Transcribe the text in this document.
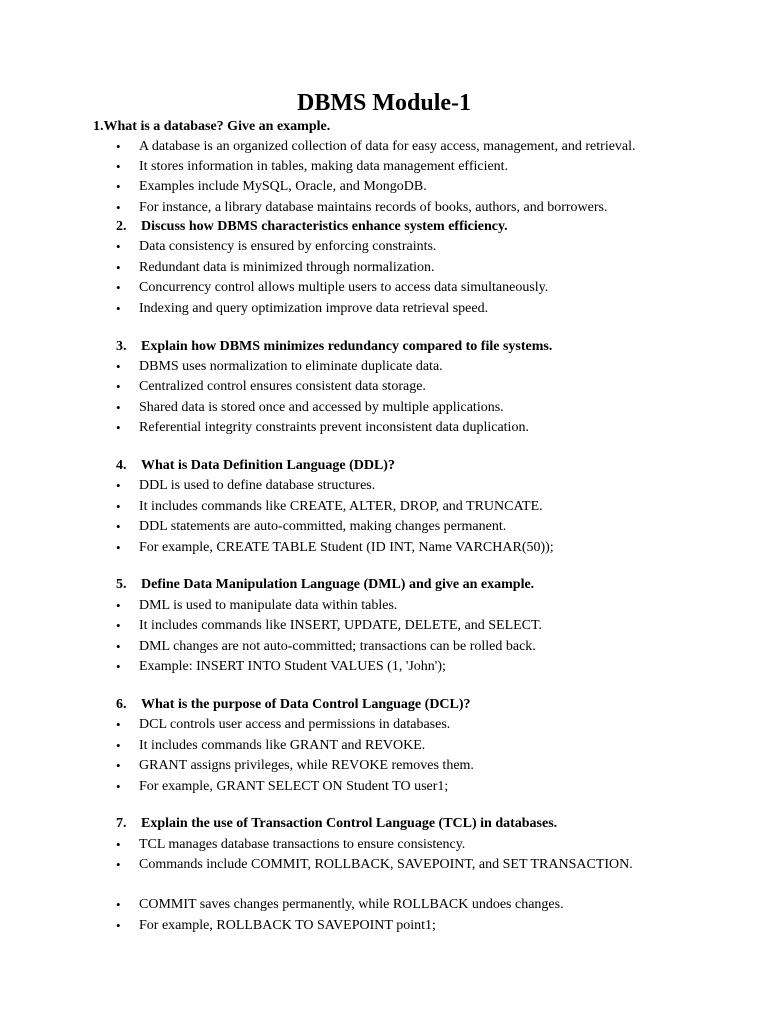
DBMS Module-1
1.What is a database? Give an example.
•	A database is an organized collection of data for easy access, management, and retrieval.
•	It stores information in tables, making data management efficient.
•	Examples include MySQL, Oracle, and MongoDB.
•	For instance, a library database maintains records of books, authors, and borrowers.
2. Discuss how DBMS characteristics enhance system efficiency.
•	Data consistency is ensured by enforcing constraints.
•	Redundant data is minimized through normalization.
•	Concurrency control allows multiple users to access data simultaneously.
•	Indexing and query optimization improve data retrieval speed.
3. Explain how DBMS minimizes redundancy compared to file systems.
•	DBMS uses normalization to eliminate duplicate data.
•	Centralized control ensures consistent data storage.
•	Shared data is stored once and accessed by multiple applications.
•	Referential integrity constraints prevent inconsistent data duplication.
4. What is Data Definition Language (DDL)?
•	DDL is used to define database structures.
•	It includes commands like CREATE, ALTER, DROP, and TRUNCATE.
•	DDL statements are auto-committed, making changes permanent.
•	For example, CREATE TABLE Student (ID INT, Name VARCHAR(50));
5. Define Data Manipulation Language (DML) and give an example.
•	DML is used to manipulate data within tables.
•	It includes commands like INSERT, UPDATE, DELETE, and SELECT.
•	DML changes are not auto-committed; transactions can be rolled back.
•	Example: INSERT INTO Student VALUES (1, 'John');
6. What is the purpose of Data Control Language (DCL)?
•	DCL controls user access and permissions in databases.
•	It includes commands like GRANT and REVOKE.
•	GRANT assigns privileges, while REVOKE removes them.
•	For example, GRANT SELECT ON Student TO user1;
7. Explain the use of Transaction Control Language (TCL) in databases.
•	TCL manages database transactions to ensure consistency.
•	Commands include COMMIT, ROLLBACK, SAVEPOINT, and SET TRANSACTION.
•	COMMIT saves changes permanently, while ROLLBACK undoes changes.
•	For example, ROLLBACK TO SAVEPOINT point1;
